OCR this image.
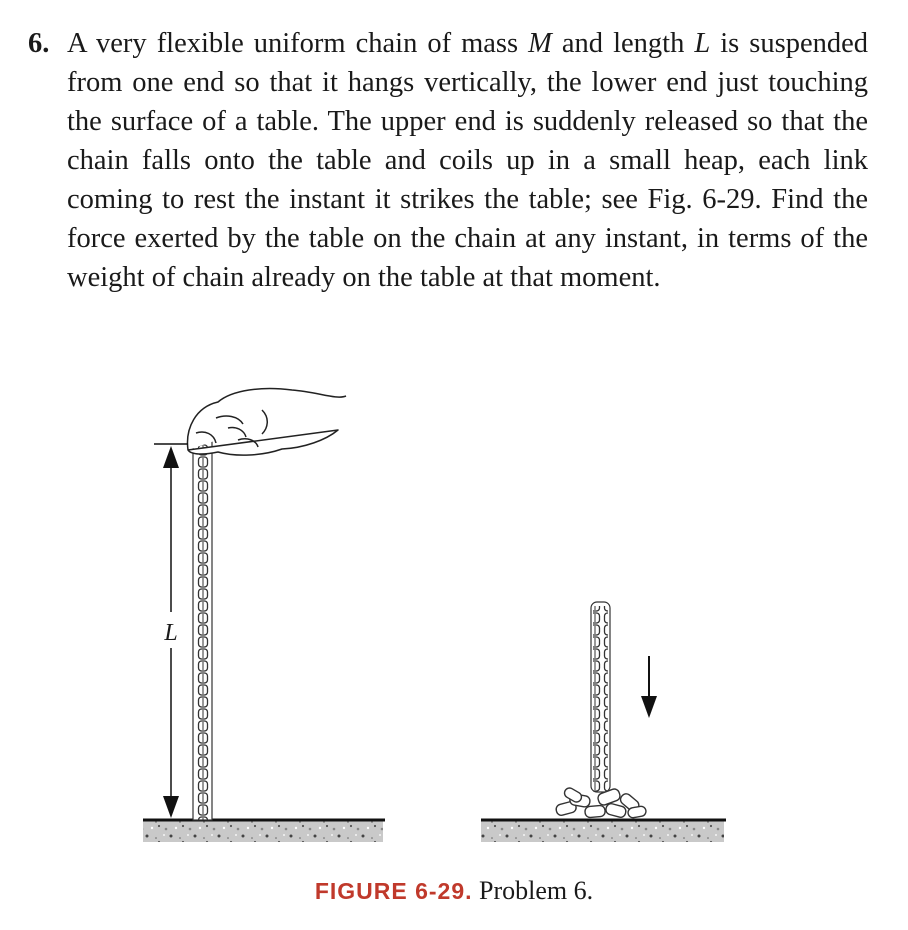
6. A very flexible uniform chain of mass M and length L is suspended from one end so that it hangs vertically, the lower end just touching the surface of a table. The upper end is suddenly released so that the chain falls onto the table and coils up in a small heap, each link coming to rest the instant it strikes the table; see Fig. 6-29. Find the force exerted by the table on the chain at any instant, in terms of the weight of chain already on the table at that moment.
L
FIGURE 6-29. Problem 6.
